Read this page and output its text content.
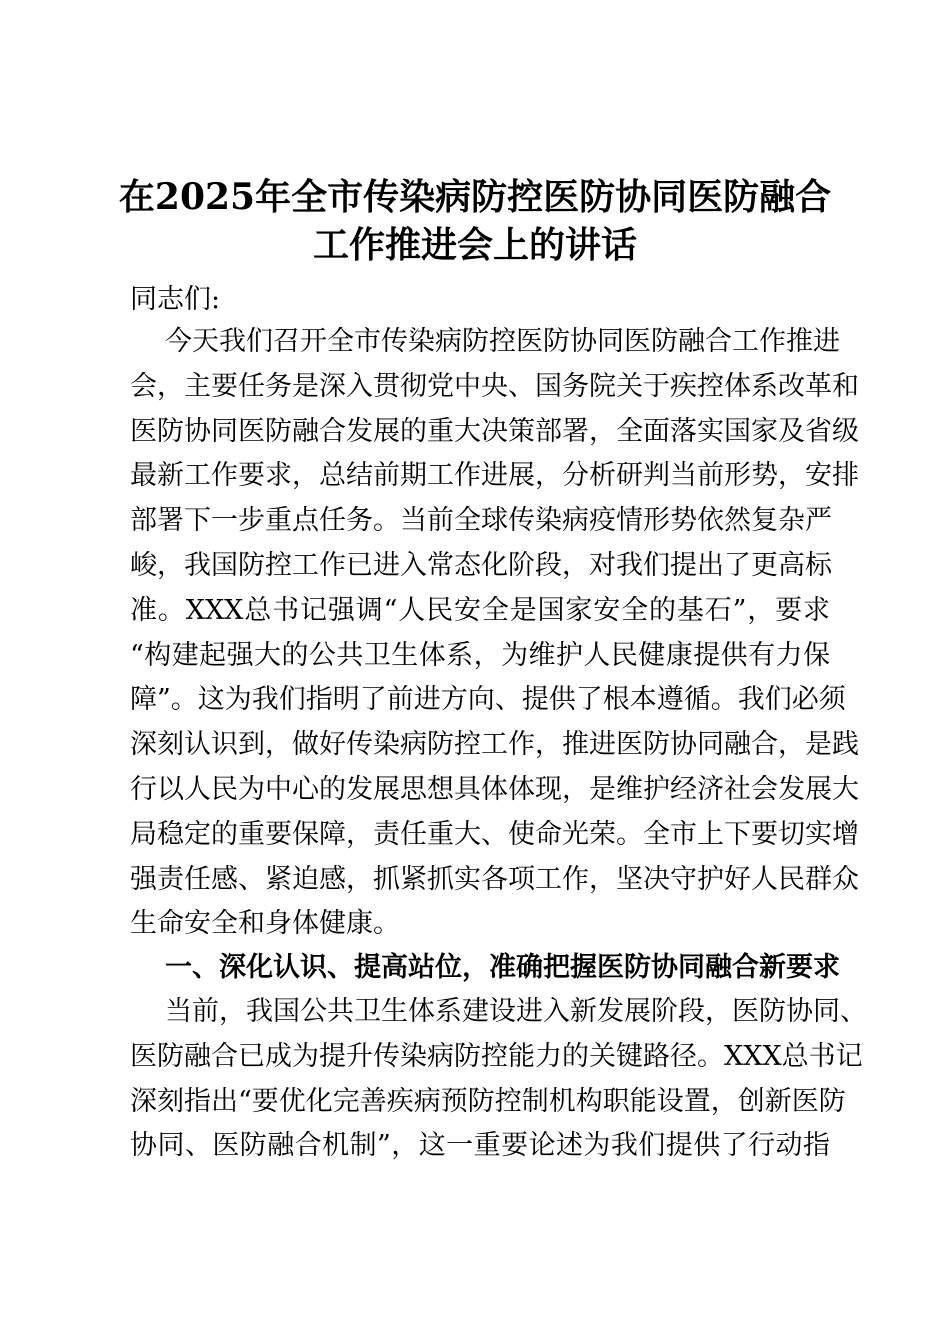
在2025年全市传染病防控医防协同医防融合
工作推进会上的讲话
同志们:
今天我们召开全市传染病防控医防协同医防融合工作推进
会，主要任务是深入贯彻党中央、国务院关于疾控体系改革和
医防协同医防融合发展的重大决策部署，全面落实国家及省级
最新工作要求，总结前期工作进展，分析研判当前形势，安排
部署下一步重点任务。当前全球传染病疫情形势依然复杂严
峻，我国防控工作已进入常态化阶段，对我们提出了更高标
准。XXX总书记强调“人民安全是国家安全的基石”，要求
“构建起强大的公共卫生体系，为维护人民健康提供有力保
障”。这为我们指明了前进方向、提供了根本遵循。我们必须
深刻认识到，做好传染病防控工作，推进医防协同融合，是践
行以人民为中心的发展思想具体体现，是维护经济社会发展大
局稳定的重要保障，责任重大、使命光荣。全市上下要切实增
强责任感、紧迫感，抓紧抓实各项工作，坚决守护好人民群众
生命安全和身体健康。
一、深化认识、提高站位，准确把握医防协同融合新要求
当前，我国公共卫生体系建设进入新发展阶段，医防协同、
医防融合已成为提升传染病防控能力的关键路径。XXX总书记
深刻指出“要优化完善疾病预防控制机构职能设置，创新医防
协同、医防融合机制”，这一重要论述为我们提供了行动指
